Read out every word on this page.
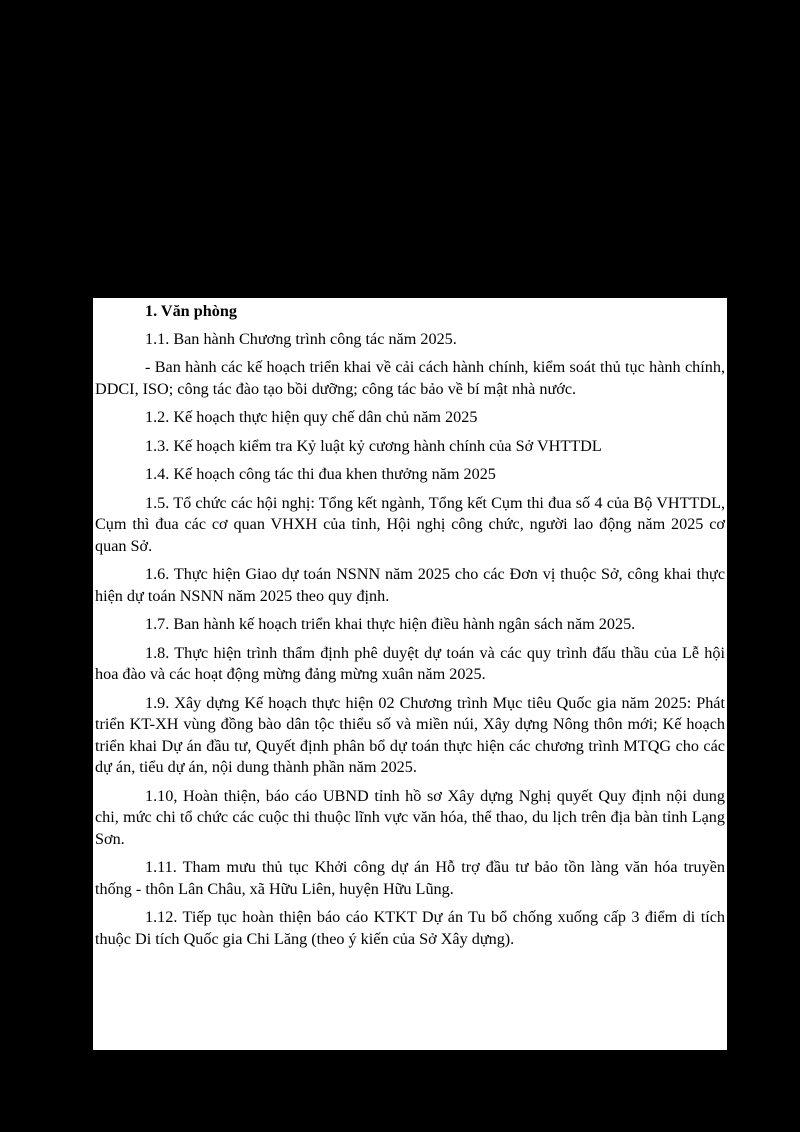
1. Văn phòng
1.1. Ban hành Chương trình công tác năm 2025.
- Ban hành các kế hoạch triển khai về cải cách hành chính, kiểm soát thủ tục hành chính, DDCI, ISO; công tác đào tạo bồi dưỡng; công tác bảo về bí mật nhà nước.
1.2. Kế hoạch thực hiện quy chế dân chủ năm 2025
1.3. Kế hoạch kiểm tra Kỷ luật kỷ cương hành chính của Sở VHTTDL
1.4. Kế hoạch công tác thi đua khen thưởng năm 2025
1.5. Tổ chức các hội nghị: Tổng kết ngành, Tổng kết Cụm thi đua số 4 của Bộ VHTTDL, Cụm thì đua các cơ quan VHXH của tỉnh, Hội nghị công chức, người lao động năm 2025 cơ quan Sở.
1.6. Thực hiện Giao dự toán NSNN năm 2025 cho các Đơn vị thuộc Sở, công khai thực hiện dự toán NSNN năm 2025 theo quy định.
1.7. Ban hành kế hoạch triển khai thực hiện điều hành ngân sách năm 2025.
1.8. Thực hiện trình thẩm định phê duyệt dự toán và các quy trình đấu thầu của Lễ hội hoa đào và các hoạt động mừng đảng mừng xuân năm 2025.
1.9. Xây dựng Kế hoạch thực hiện 02 Chương trình Mục tiêu Quốc gia năm 2025: Phát triển KT-XH vùng đồng bào dân tộc thiểu số và miền núi, Xây dựng Nông thôn mới; Kế hoạch triển khai Dự án đầu tư, Quyết định phân bổ dự toán thực hiện các chương trình MTQG cho các dự án, tiểu dự án, nội dung thành phần năm 2025.
1.10, Hoàn thiện, báo cáo UBND tỉnh hồ sơ Xây dựng Nghị quyết Quy định nội dung chi, mức chi tổ chức các cuộc thi thuộc lĩnh vực văn hóa, thể thao, du lịch trên địa bàn tỉnh Lạng Sơn.
1.11. Tham mưu thủ tục Khởi công dự án Hỗ trợ đầu tư bảo tồn làng văn hóa truyền thống - thôn Lân Châu, xã Hữu Liên, huyện Hữu Lũng.
1.12. Tiếp tục hoàn thiện báo cáo KTKT Dự án Tu bổ chống xuống cấp 3 điểm di tích thuộc Di tích Quốc gia Chi Lăng (theo ý kiến của Sở Xây dựng).
